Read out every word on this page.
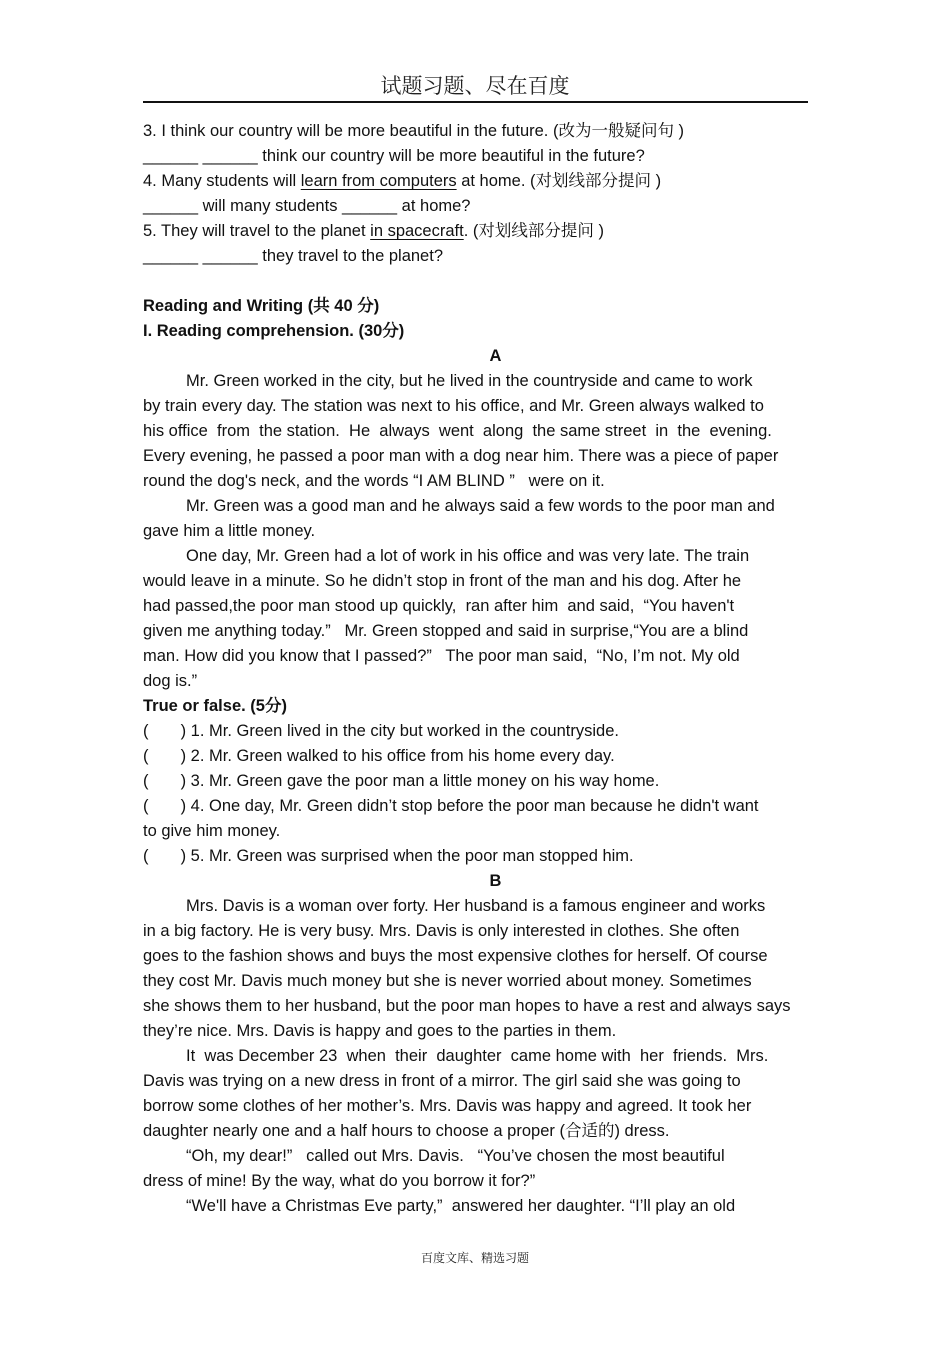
试题习题、尽在百度
3. I think our country will be more beautiful in the future. (改为一般疑问句 )
______ ______ think our country will be more beautiful in the future?
4. Many students will learn from computers at home. (对划线部分提问 )
______ will many students ______ at home?
5. They will travel to the planet in spacecraft. (对划线部分提问 )
______ ______ they travel to the planet?
Reading and Writing (共 40 分)
I. Reading comprehension. (30分)
A
Mr. Green worked in the city, but he lived in the countryside and came to work
by train every day. The station was next to his office, and Mr. Green always walked to
his office  from  the station.  He  always  went  along  the same street  in  the  evening.
Every evening, he passed a poor man with a dog near him. There was a piece of paper
round the dog's neck, and the words “I AM BLIND ”   were on it.
Mr. Green was a good man and he always said a few words to the poor man and
gave him a little money.
One day, Mr. Green had a lot of work in his office and was very late. The train
would leave in a minute. So he didn’t stop in front of the man and his dog. After he
had passed,the poor man stood up quickly,  ran after him  and said,  “You haven't
given me anything today.”   Mr. Green stopped and said in surprise,“You are a blind
man. How did you know that I passed?”   The poor man said,  “No, I’m not. My old
dog is.”
True or false. (5分)
(       ) 1. Mr. Green lived in the city but worked in the countryside.
(       ) 2. Mr. Green walked to his office from his home every day.
(       ) 3. Mr. Green gave the poor man a little money on his way home.
(       ) 4. One day, Mr. Green didn’t stop before the poor man because he didn't want
to give him money.
(       ) 5. Mr. Green was surprised when the poor man stopped him.
B
Mrs. Davis is a woman over forty. Her husband is a famous engineer and works
in a big factory. He is very busy. Mrs. Davis is only interested in clothes. She often
goes to the fashion shows and buys the most expensive clothes for herself. Of course
they cost Mr. Davis much money but she is never worried about money. Sometimes
she shows them to her husband, but the poor man hopes to have a rest and always says
they’re nice. Mrs. Davis is happy and goes to the parties in them.
It  was December 23  when  their  daughter  came home with  her  friends.  Mrs.
Davis was trying on a new dress in front of a mirror. The girl said she was going to
borrow some clothes of her mother’s. Mrs. Davis was happy and agreed. It took her
daughter nearly one and a half hours to choose a proper (合适的) dress.
“Oh, my dear!”   called out Mrs. Davis.   “You’ve chosen the most beautiful
dress of mine! By the way, what do you borrow it for?”
“We'll have a Christmas Eve party,”  answered her daughter. “I’ll play an old
百度文库、精选习题
